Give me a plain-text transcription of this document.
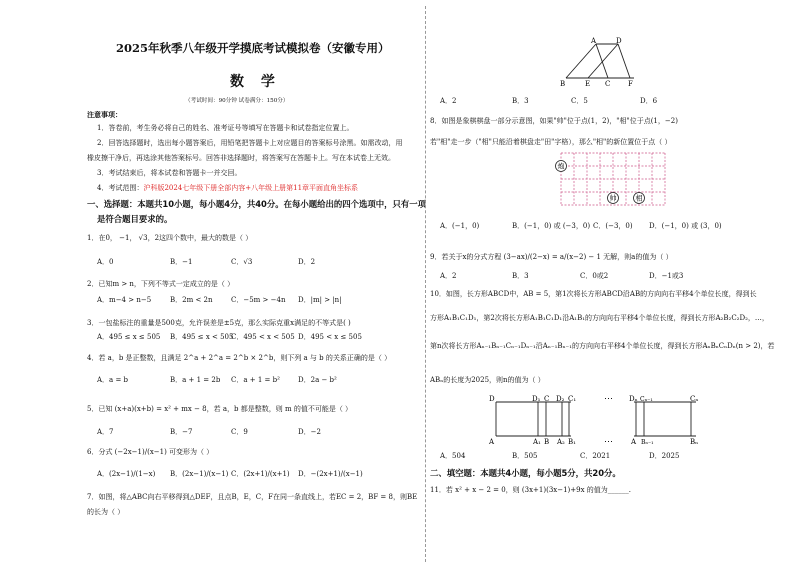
2025年秋季八年级开学摸底考试模拟卷（安徽专用）
数 学
（考试时间：90分钟 试卷满分：150分）
注意事项：
1．答卷前，考生务必将自己的姓名、准考证号等填写在答题卡和试卷指定位置上。
2．回答选择题时，选出每小题答案后，用铅笔把答题卡上对应题目的答案标号涂黑。如需改动，用
橡皮擦干净后，再选涂其他答案标号。回答非选择题时，将答案写在答题卡上。写在本试卷上无效。
3．考试结束后，将本试卷和答题卡一并交回。
4．考试范围：沪科版2024七年级下册全部内容+八年级上册第11章平面直角坐标系
一、选择题：本题共10小题，每小题4分，共40分。在每小题给出的四个选项中，只有一项
是符合题目要求的。
1．在0， −1， √3，2这四个数中，最大的数是（ ）
A．0	B．−1	C．√3	D．2
2．已知m > n，下列不等式一定成立的是（ ）
A．m−4 > n−5	B．2m < 2n	C．−5m > −4n D．|m| > |n|
3．一包盐标注的重量是500克，允许误差是±5克，那么实际克重x满足的不等式是( )
A．495 ≤ x ≤ 505 B．495 ≤ x < 505
C．495 < x < 505 D．495 < x ≤ 505
4．若 a，b 是正整数，且满足 2^a + 2^a = 2^b × 2^b，则下列 a 与 b 的关系正确的是（ ）
A．a = b	B．a + 1 = 2b C．a + 1 = b²	D．2a − b²
5．已知 (x+a)(x+b) = x² + mx − 8，若 a，b 都是整数，则 m 的值不可能是（ ）
A．7	B．−7	C．9	D．−2
6．分式 (−2x−1)/(x−1) 可变形为（ ）
A．(2x−1)/(1−x) B．(2x−1)/(x−1) C．(2x+1)/(x+1) D．−(2x+1)/(x−1)
7．如图，将△ABC向右平移得到△DEF，且点B，E，C，F在同一条直线上，若EC = 2，BF = 8，则BE
的长为（ ）
A	D
B	E C	F
A．2	B．3	C．5	D．6
8．如图是象棋棋盘一部分示意图，如果"帅"位于点(1，2)，"相"位于点(1，−2)
若"相"走一步（"相"只能沿着棋盘走"田"字格），那么"相"的新位置位于点（ ）
炮
帅	相
A．(−1，0)	B．(−1，0) 或 (−3，0) C．(−3，0) D．(−1，0) 或 (3，0)
9．若关于x的分式方程 (3−ax)/(2−x) = a/(x−2) − 1 无解，则a的值为（ ）
A．2	B．3	C．0或2	D．−1或3
10．如图，长方形ABCD中，AB = 5，第1次将长方形ABCD沿AB的方向向右平移4个单位长度，得到长
方形A₁B₁C₁D₁，第2次将长方形A₁B₁C₁D₁沿A₁B₁的方向向右平移4个单位长度，得到长方形A₂B₂C₂D₂，…，
第n次将长方形Aₙ₋₁Bₙ₋₁Cₙ₋₁Dₙ₋₁沿Aₙ₋₁Bₙ₋₁的方向向右平移4个单位长度，得到长方形AₙBₙCₙDₙ(n > 2)，若
ABₙ的长度为2025，则n的值为（ ）
D	D₁ C D₂ C₁	⋯ Dₙ Cₙ₋₁	Cₙ
A	A₁ B A₂ B₁	⋯	A Bₙ₋₁	Bₙ
A．504	B．505	C．2021	D．2025
二、填空题：本题共4小题，每小题5分，共20分。
11．若 x² + x − 2 = 0，则 (3x+1)(3x−1)+9x 的值为______.
